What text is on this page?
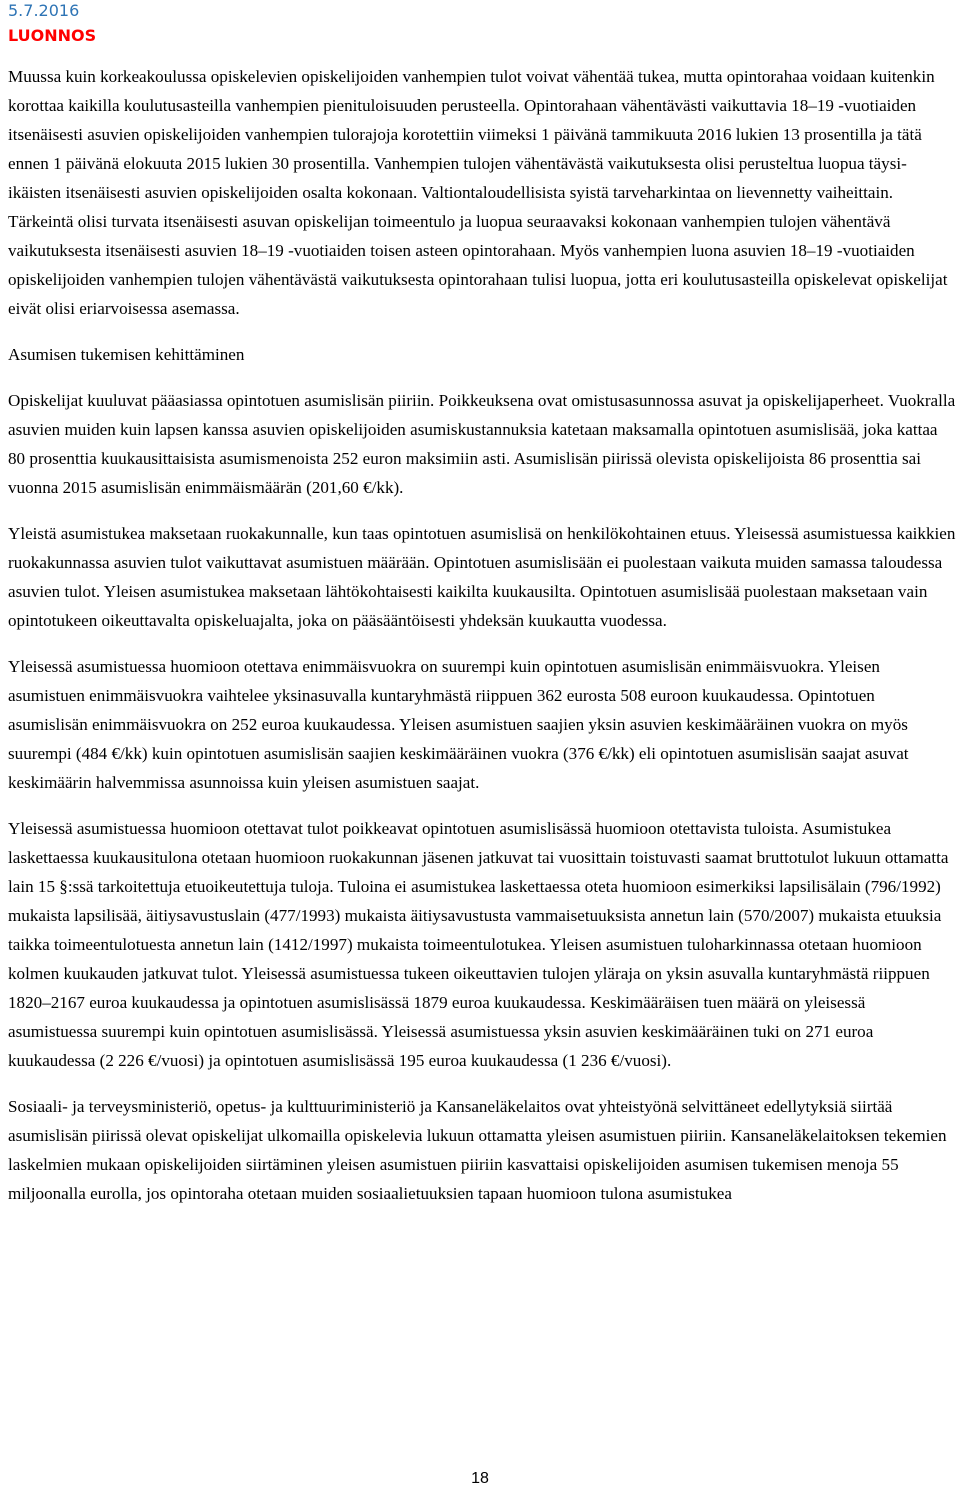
5.7.2016
LUONNOS

Muussa kuin korkeakoulussa opiskelevien opiskelijoiden vanhempien tulot voivat vähentää tukea, mutta opintorahaa voidaan kuitenkin korottaa kaikilla koulutusasteilla vanhempien pienituloisuuden perusteella. Opintorahaan vähentävästi vaikuttavia 18–19 -vuotiaiden itsenäisesti asuvien opiskelijoiden vanhempien tulorajoja korotettiin viimeksi 1 päivänä tammikuuta 2016 lukien 13 prosentilla ja tätä ennen 1 päivänä elokuuta 2015 lukien 30 prosentilla. Vanhempien tulojen vähentävästä vaikutuksesta olisi perusteltua luopua täysi-ikäisten itsenäisesti asuvien opiskelijoiden osalta kokonaan. Valtiontaloudellisista syistä tarveharkintaa on lievennetty vaiheittain. Tärkeintä olisi turvata itsenäisesti asuvan opiskelijan toimeentulo ja luopua seuraavaksi kokonaan vanhempien tulojen vähentävä vaikutuksesta itsenäisesti asuvien 18–19 -vuotiaiden toisen asteen opintorahaan. Myös vanhempien luona asuvien 18–19 -vuotiaiden opiskelijoiden vanhempien tulojen vähentävästä vaikutuksesta opintorahaan tulisi luopua, jotta eri koulutusasteilla opiskelevat opiskelijat eivät olisi eriarvoisessa asemassa.

Asumisen tukemisen kehittäminen

Opiskelijat kuuluvat pääasiassa opintotuen asumislisän piiriin. Poikkeuksena ovat omistusasunnossa asuvat ja opiskelijaperheet. Vuokralla asuvien muiden kuin lapsen kanssa asuvien opiskelijoiden asumiskustannuksia katetaan maksamalla opintotuen asumislisää, joka kattaa 80 prosenttia kuukausittaisista asumismenoista 252 euron maksimiin asti. Asumislisän piirissä olevista opiskelijoista 86 prosenttia sai vuonna 2015 asumislisän enimmäismäärän (201,60 €/kk).

Yleistä asumistukea maksetaan ruokakunnalle, kun taas opintotuen asumislisä on henkilökohtainen etuus. Yleisessä asumistuessa kaikkien ruokakunnassa asuvien tulot vaikuttavat asumistuen määrään. Opintotuen asumislisään ei puolestaan vaikuta muiden samassa taloudessa asuvien tulot. Yleisen asumistukea maksetaan lähtökohtaisesti kaikilta kuukausilta. Opintotuen asumislisää puolestaan maksetaan vain opintotukeen oikeuttavalta opiskeluajalta, joka on pääsääntöisesti yhdeksän kuukautta vuodessa.

Yleisessä asumistuessa huomioon otettava enimmäisvuokra on suurempi kuin opintotuen asumislisän enimmäisvuokra. Yleisen asumistuen enimmäisvuokra vaihtelee yksinasuvalla kuntaryhmästä riippuen 362 eurosta 508 euroon kuukaudessa. Opintotuen asumislisän enimmäisvuokra on 252 euroa kuukaudessa. Yleisen asumistuen saajien yksin asuvien keskimääräinen vuokra on myös suurempi (484 €/kk) kuin opintotuen asumislisän saajien keskimääräinen vuokra (376 €/kk) eli opintotuen asumislisän saajat asuvat keskimäärin halvemmissa asunnoissa kuin yleisen asumistuen saajat.

Yleisessä asumistuessa huomioon otettavat tulot poikkeavat opintotuen asumislisässä huomioon otettavista tuloista. Asumistukea laskettaessa kuukausitulona otetaan huomioon ruokakunnan jäsenen jatkuvat tai vuosittain toistuvasti saamat bruttotulot lukuun ottamatta lain 15 §:ssä tarkoitettuja etuoikeutettuja tuloja. Tuloina ei asumistukea laskettaessa oteta huomioon esimerkiksi lapsilisälain (796/1992) mukaista lapsilisää, äitiysavustuslain (477/1993) mukaista äitiysavustusta vammaisetuuksista annetun lain (570/2007) mukaista etuuksia taikka toimeentulotuesta annetun lain (1412/1997) mukaista toimeentulotukea. Yleisen asumistuen tuloharkinnassa otetaan huomioon kolmen kuukauden jatkuvat tulot. Yleisessä asumistuessa tukeen oikeuttavien tulojen yläraja on yksin asuvalla kuntaryhmästä riippuen 1820–2167 euroa kuukaudessa ja opintotuen asumislisässä 1879 euroa kuukaudessa. Keskimääräisen tuen määrä on yleisessä asumistuessa suurempi kuin opintotuen asumislisässä. Yleisessä asumistuessa yksin asuvien keskimääräinen tuki on 271 euroa kuukaudessa (2 226 €/vuosi) ja opintotuen asumislisässä 195 euroa kuukaudessa (1 236 €/vuosi).

Sosiaali- ja terveysministeriö, opetus- ja kulttuuriministeriö ja Kansaneläkelaitos ovat yhteistyönä selvittäneet edellytyksiä siirtää asumislisän piirissä olevat opiskelijat ulkomailla opiskelevia lukuun ottamatta yleisen asumistuen piiriin. Kansaneläkelaitoksen tekemien laskelmien mukaan opiskelijoiden siirtäminen yleisen asumistuen piiriin kasvattaisi opiskelijoiden asumisen tukemisen menoja 55 miljoonalla eurolla, jos opintoraha otetaan muiden sosiaalietuuksien tapaan huomioon tulona asumistukea

18
